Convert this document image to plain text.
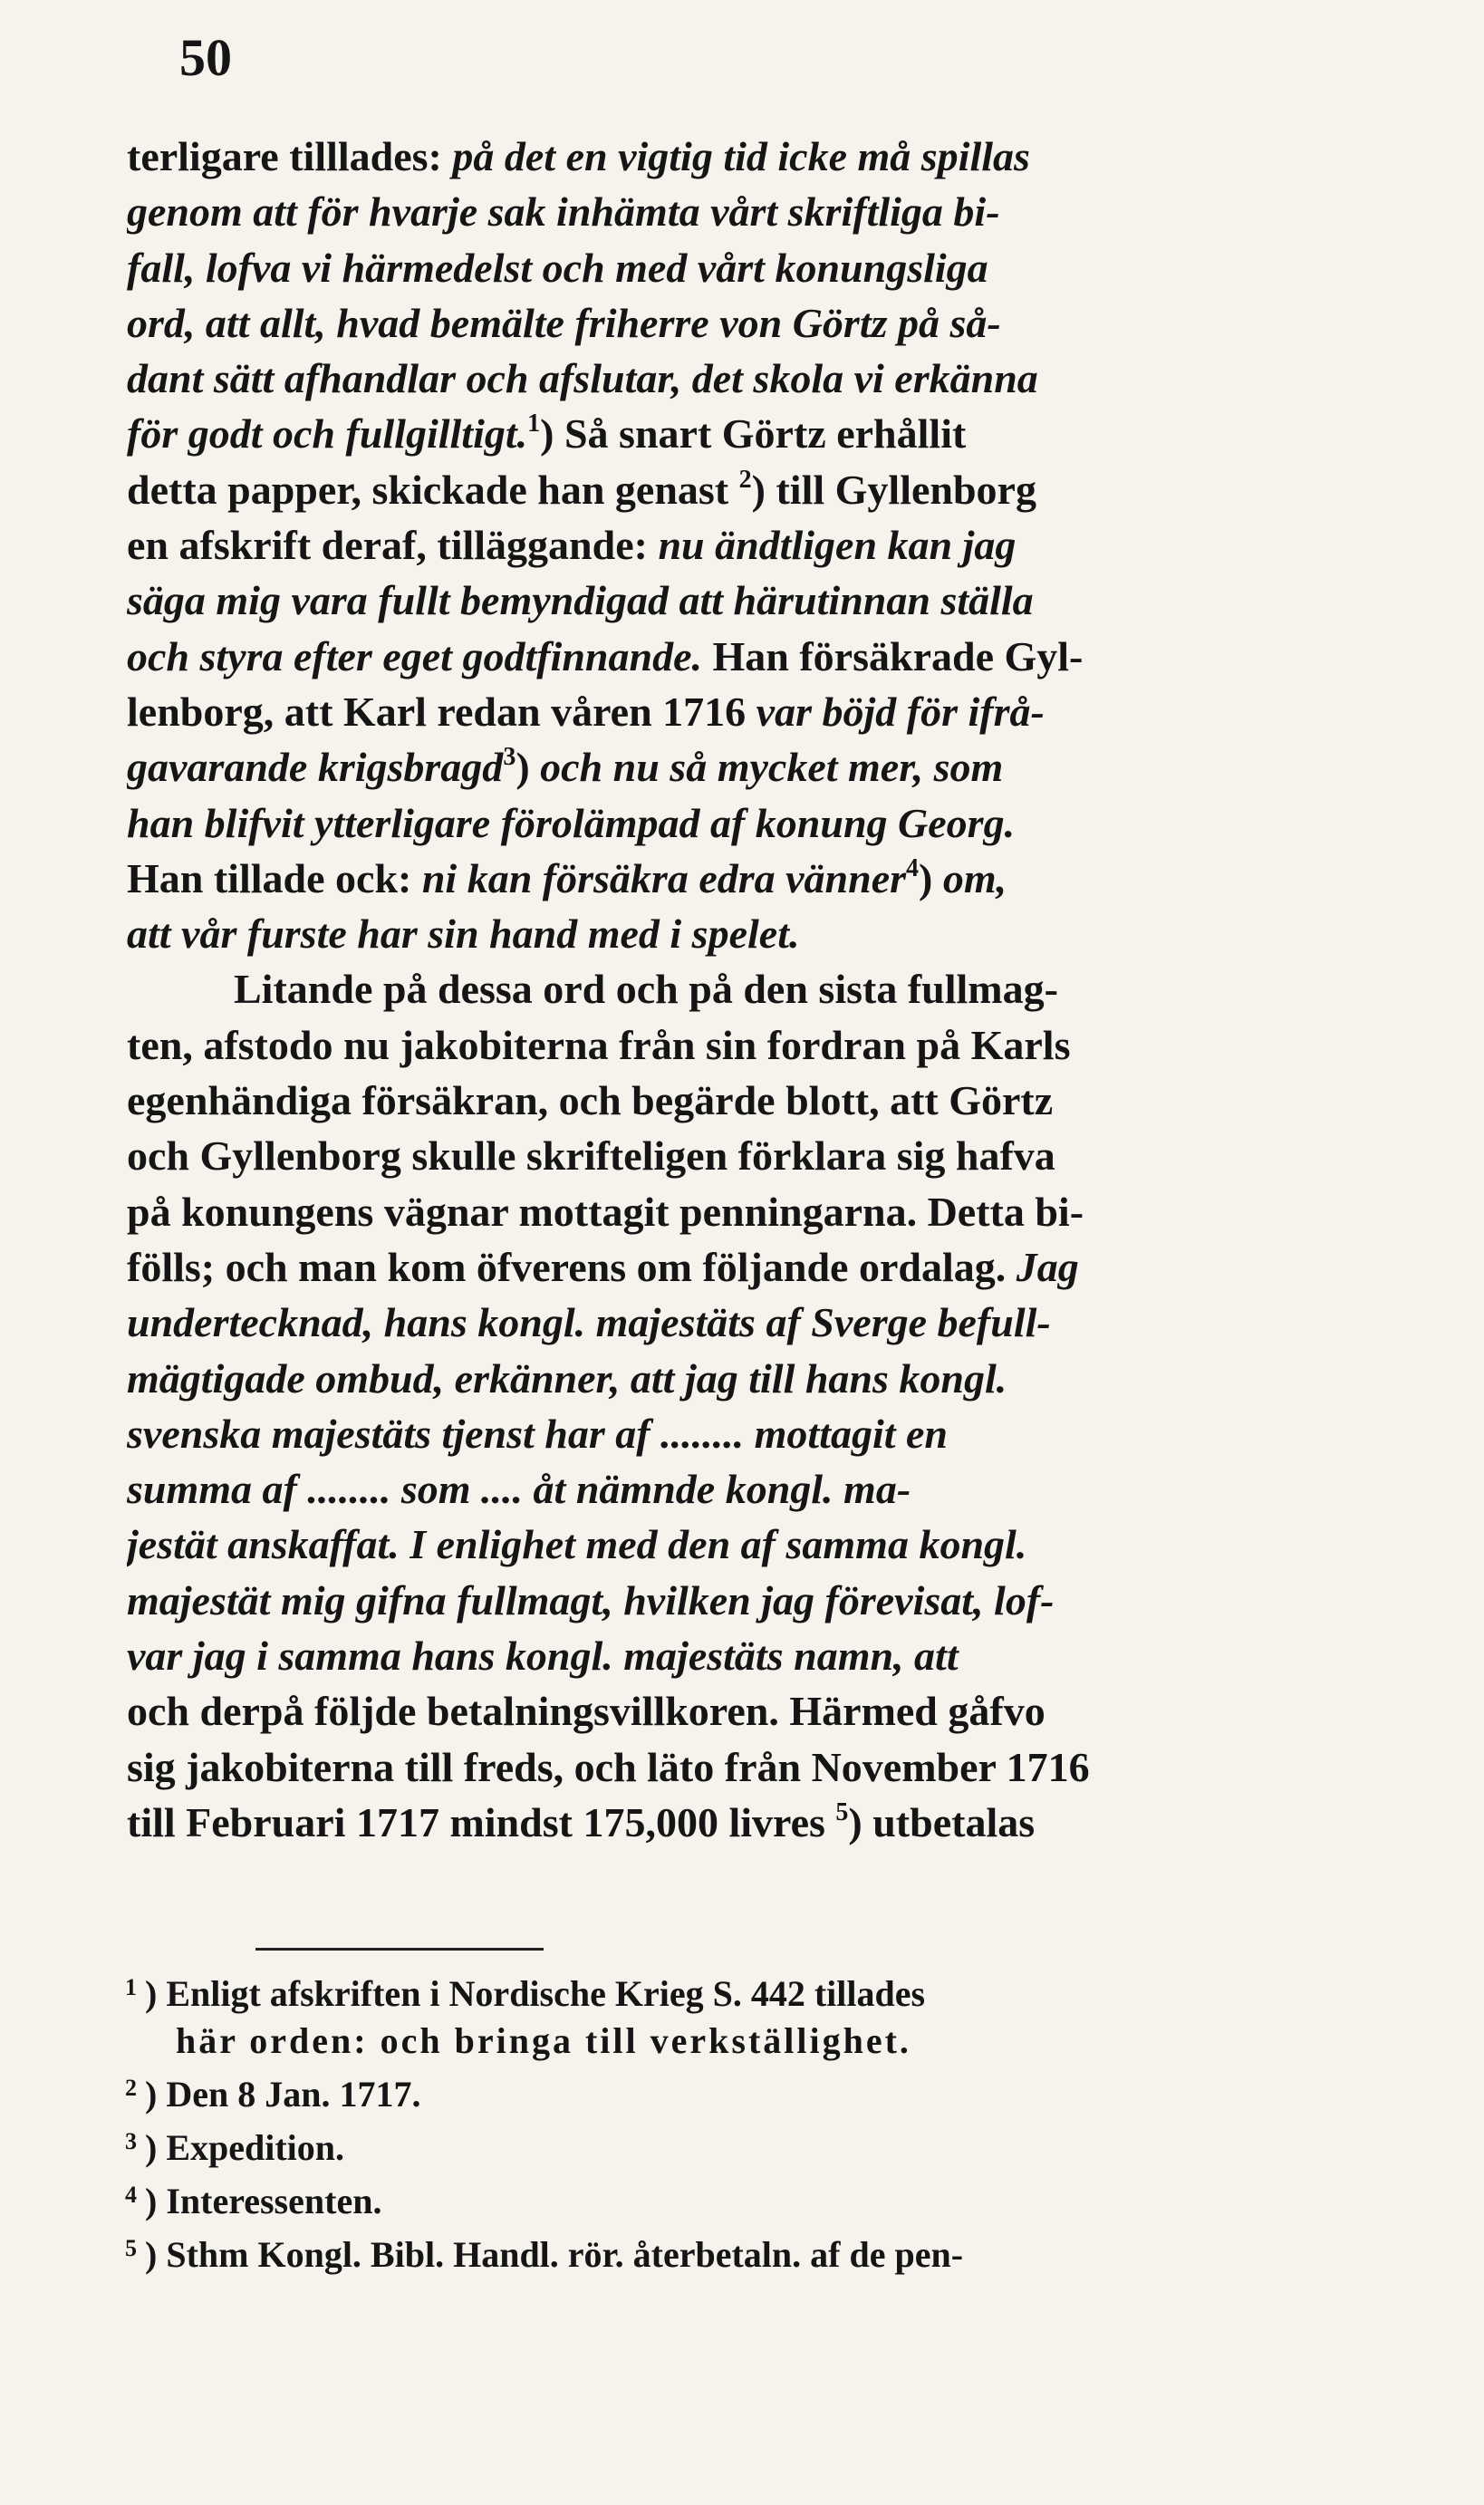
50
terligare tilllades: på det en vigtig tid icke må spillas
genom att för hvarje sak inhämta vårt skriftliga bi-
fall, lofva vi härmedelst och med vårt konungsliga
ord, att allt, hvad bemälte friherre von Görtz på så-
dant sätt afhandlar och afslutar, det skola vi erkänna
för godt och fullgilltigt.$^1$) Så snart Görtz erhållit
detta papper, skickade han genast $^2$) till Gyllenborg
en afskrift deraf, tilläggande: nu ändtligen kan jag
säga mig vara fullt bemyndigad att härutinnan ställa
och styra efter eget godtfinnande. Han försäkrade Gyl-
lenborg, att Karl redan våren 1716 var böjd för ifrå-
gavarande krigsbragd$^3$) och nu så mycket mer, som
han blifvit ytterligare förolämpad af konung Georg.
Han tillade ock: ni kan försäkra edra vänner$^4$) om,
att vår furste har sin hand med i spelet.
Litande på dessa ord och på den sista fullmag-
ten, afstodo nu jakobiterna från sin fordran på Karls
egenhändiga försäkran, och begärde blott, att Görtz
och Gyllenborg skulle skrifteligen förklara sig hafva
på konungens vägnar mottagit penningarna. Detta bi-
fölls; och man kom öfverens om följande ordalag. Jag
undertecknad, hans kongl. majestäts af Sverge befull-
mägtigade ombud, erkänner, att jag till hans kongl.
svenska majestäts tjenst har af ........ mottagit en
summa af ........ som .... åt nämnde kongl. ma-
jestät anskaffat. I enlighet med den af samma kongl.
majestät mig gifna fullmagt, hvilken jag förevisat, lof-
var jag i samma hans kongl. majestäts namn, att
och derpå följde betalningsvillkoren. Härmed gåfvo
sig jakobiterna till freds, och läto från November 1716
till Februari 1717 mindst 175,000 livres $^5$) utbetalas
1 ) Enligt afskriften i Nordische Krieg S. 442 tillades
här orden: och bringa till verkställighet.
2 ) Den 8 Jan. 1717.
3 ) Expedition.
4 ) Interessenten.
5 ) Sthm Kongl. Bibl. Handl. rör. återbetaln. af de pen-
